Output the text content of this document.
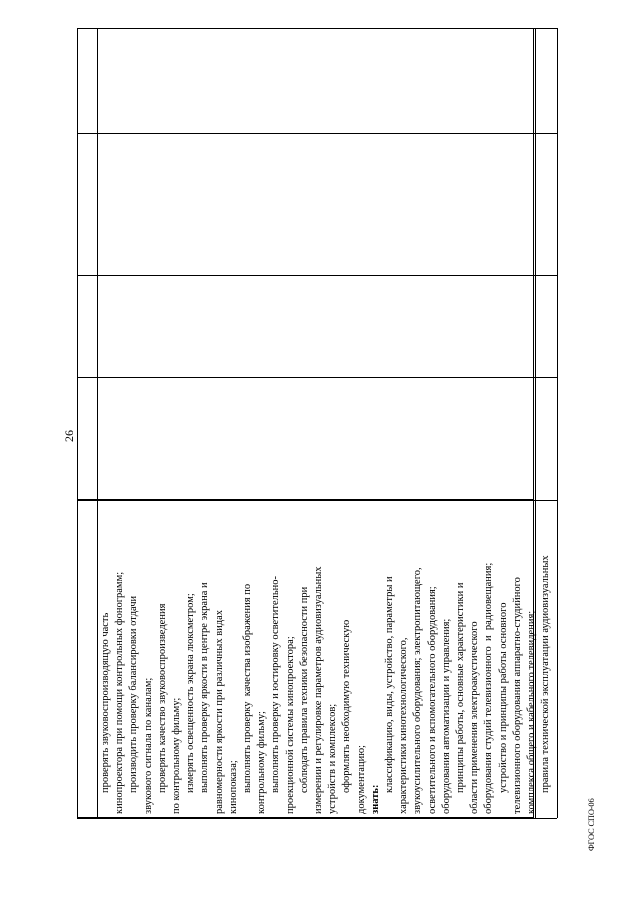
26
проверять звуковоспроизводящую часть кинопроектора при помощи контрольных фонограмм; производить проверку балансировки отдачи звукового сигнала по каналам; проверять качество звуковоспроизведения по контрольному фильму; измерять освещенность экрана люксметром; выполнять проверку яркости в центре экрана и равномерности яркости при различных видах кинопоказа; выполнять проверку  качества изображения по контрольному фильму; выполнять проверку и юстировку осветительно- проекционной системы кинопроектора; соблюдать правила техники безопасности при измерении и регулировке параметров аудиовизуальных устройств и комплексов; оформлять необходимую техническую документацию; знать: классификацию, виды, устройство, параметры и характеристики кинотехнологического, звукоусилительного оборудования; электропитающего, осветительного и вспомогательного оборудования; оборудования автоматизации и управления; принципы работы, основные характеристики и области применения электроакустического оборудования студий телевизионного  и  радиовещания; устройство и принципы работы основного телевизионного оборудования аппаратно-студийного комплекса общего и кабельного телевидения; правила технической эксплуатации аудиовизуальных
ФГОС СПО-06
